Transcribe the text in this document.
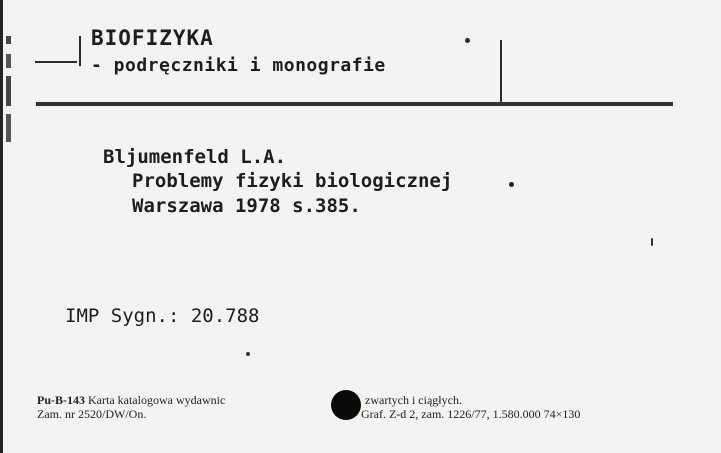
BIOFIZYKA
- podręczniki i monografie
Bljumenfeld L.A.
Problemy fizyki biologicznej
Warszawa 1978 s.385.
IMP Sygn.: 20.788
Pu-B-143 Karta katalogowa wydawnic	zwartych i ciągłych.
Zam. nr 2520/DW/On.	Graf. Z-d 2, zam. 1226/77, 1.580.000 74×130
